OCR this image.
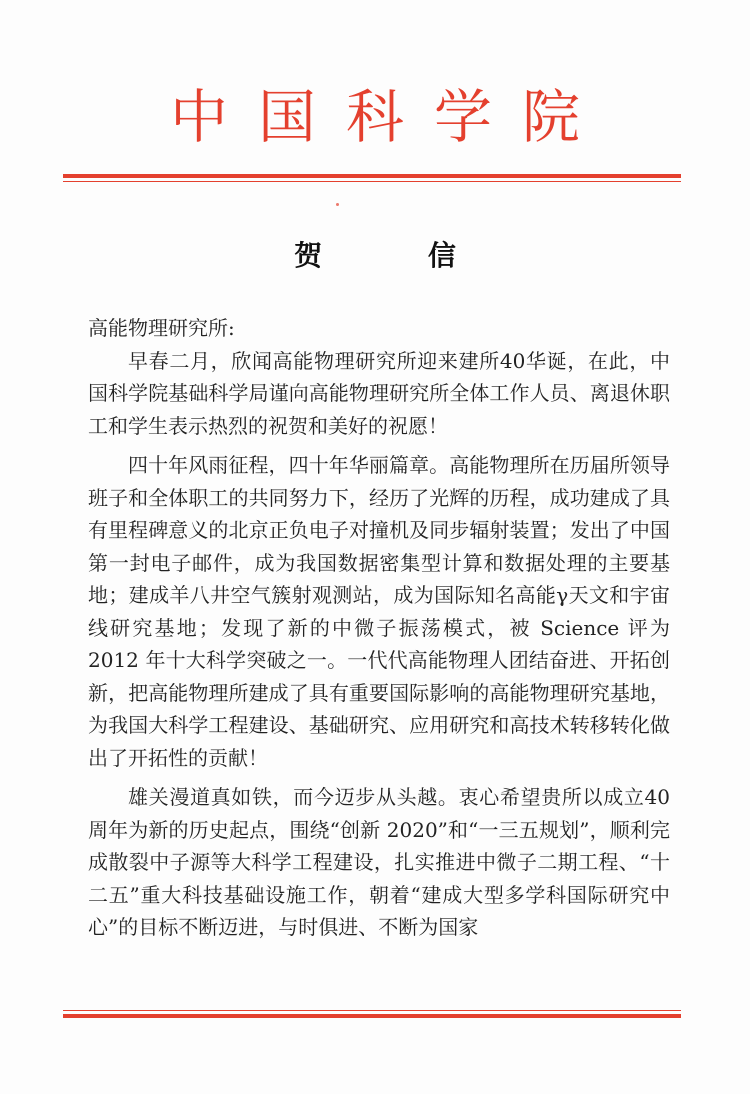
中国科学院
贺 信

高能物理研究所:

早春二月，欣闻高能物理研究所迎来建所40华诞，在此，中国科学院基础科学局谨向高能物理研究所全体工作人员、离退休职工和学生表示热烈的祝贺和美好的祝愿！

四十年风雨征程，四十年华丽篇章。高能物理所在历届所领导班子和全体职工的共同努力下，经历了光辉的历程，成功建成了具有里程碑意义的北京正负电子对撞机及同步辐射装置；发出了中国第一封电子邮件，成为我国数据密集型计算和数据处理的主要基地；建成羊八井空气簇射观测站，成为国际知名高能γ天文和宇宙线研究基地；发现了新的中微子振荡模式，被 Science 评为 2012 年十大科学突破之一。一代代高能物理人团结奋进、开拓创新，把高能物理所建成了具有重要国际影响的高能物理研究基地，为我国大科学工程建设、基础研究、应用研究和高技术转移转化做出了开拓性的贡献！

雄关漫道真如铁，而今迈步从头越。衷心希望贵所以成立40周年为新的历史起点，围绕“创新 2020”和“一三五规划”，顺利完成散裂中子源等大科学工程建设，扎实推进中微子二期工程、“十二五”重大科技基础设施工作，朝着“建成大型多学科国际研究中心”的目标不断迈进，与时俱进、不断为国家
